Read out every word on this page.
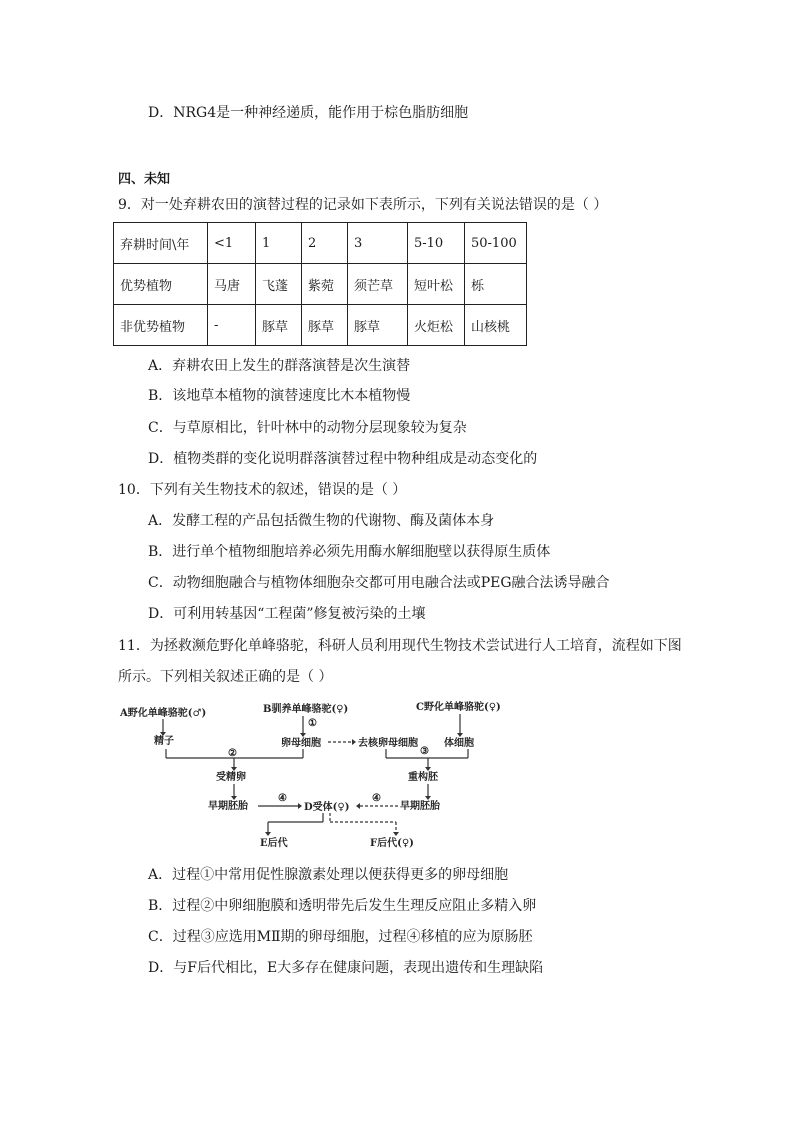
D．NRG4是一种神经递质，能作用于棕色脂肪细胞
四、未知
9．对一处弃耕农田的演替过程的记录如下表所示，下列有关说法错误的是（ ）
弃耕时间\年	<1	1	2	3	5-10	50-100
优势植物	马唐	飞蓬	紫菀	须芒草	短叶松	栎
非优势植物	-	豚草	豚草	豚草	火炬松	山核桃
A．弃耕农田上发生的群落演替是次生演替
B．该地草本植物的演替速度比木本植物慢
C．与草原相比，针叶林中的动物分层现象较为复杂
D．植物类群的变化说明群落演替过程中物种组成是动态变化的
10．下列有关生物技术的叙述，错误的是（ ）
A．发酵工程的产品包括微生物的代谢物、酶及菌体本身
B．进行单个植物细胞培养必须先用酶水解细胞壁以获得原生质体
C．动物细胞融合与植物体细胞杂交都可用电融合法或PEG融合法诱导融合
D．可利用转基因“工程菌”修复被污染的土壤
11．为拯救濒危野化单峰骆驼，科研人员利用现代生物技术尝试进行人工培育，流程如下图
所示。下列相关叙述正确的是（ ）
A野化单峰骆驼(♂)	B驯养单峰骆驼(♀)	C野化单峰骆驼(♀)
精子	卵母细胞	去核卵母细胞	体细胞
受精卵	重构胚
早期胚胎	D受体(♀)	早期胚胎
E后代	F后代(♀)
①
②	③
④	④
A．过程①中常用促性腺激素处理以便获得更多的卵母细胞
B．过程②中卵细胞膜和透明带先后发生生理反应阻止多精入卵
C．过程③应选用MⅡ期的卵母细胞，过程④移植的应为原肠胚
D．与F后代相比，E大多存在健康问题，表现出遗传和生理缺陷
